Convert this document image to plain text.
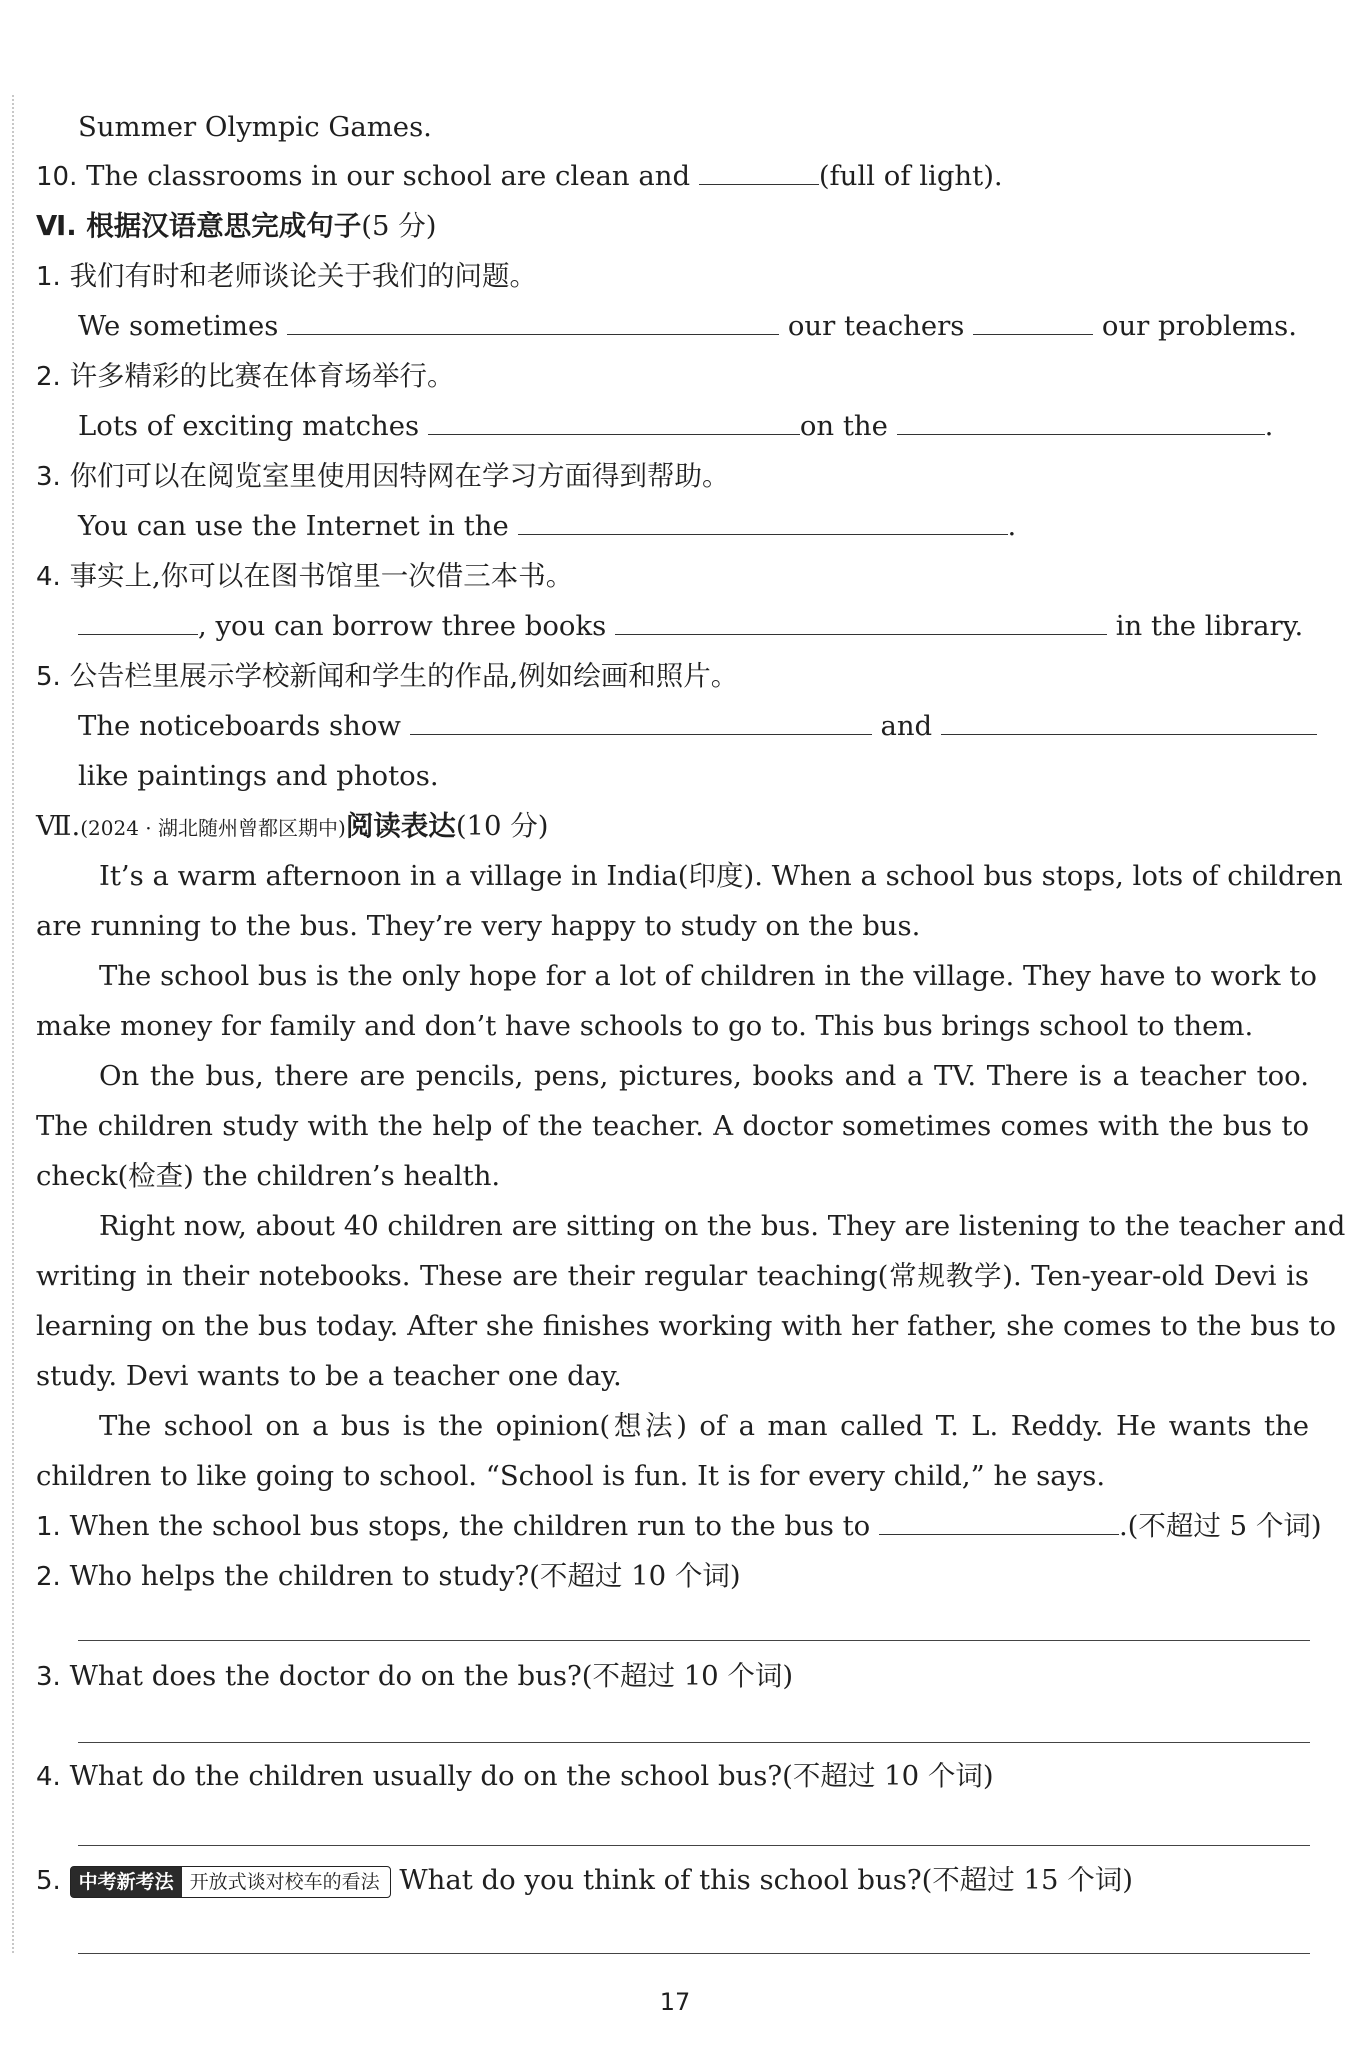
Summer Olympic Games.
10. The classrooms in our school are clean and	(full of light).
Ⅵ. 根据汉语意思完成句子(5 分)
1. 我们有时和老师谈论关于我们的问题。
We sometimes	our teachers	our problems.
2. 许多精彩的比赛在体育场举行。
Lots of exciting matches	on the	.
3. 你们可以在阅览室里使用因特网在学习方面得到帮助。
You can use the Internet in the	.
4. 事实上,你可以在图书馆里一次借三本书。
, you can borrow three books	in the library.
5. 公告栏里展示学校新闻和学生的作品,例如绘画和照片。
The noticeboards show	and
like paintings and photos.
Ⅶ.(2024 · 湖北随州曾都区期中)阅读表达(10 分)
It’s a warm afternoon in a village in India(印度). When a school bus stops, lots of children
are running to the bus. They’re very happy to study on the bus.
The school bus is the only hope for a lot of children in the village. They have to work to
make money for family and don’t have schools to go to. This bus brings school to them.
On the bus, there are pencils, pens, pictures, books and a TV. There is a teacher too.
The children study with the help of the teacher. A doctor sometimes comes with the bus to
check(检查) the children’s health.
Right now, about 40 children are sitting on the bus. They are listening to the teacher and
writing in their notebooks. These are their regular teaching(常规教学). Ten-year-old Devi is
learning on the bus today. After she finishes working with her father, she comes to the bus to
study. Devi wants to be a teacher one day.
The school on a bus is the opinion(想法) of a man called T. L. Reddy. He wants the
children to like going to school. “School is fun. It is for every child,” he says.
1. When the school bus stops, the children run to the bus to	.(不超过 5 个词)
2. Who helps the children to study?(不超过 10 个词)
3. What does the doctor do on the bus?(不超过 10 个词)
4. What do the children usually do on the school bus?(不超过 10 个词)
5. 中考新考法 开放式谈对校车的看法 What do you think of this school bus?(不超过 15 个词)
17
